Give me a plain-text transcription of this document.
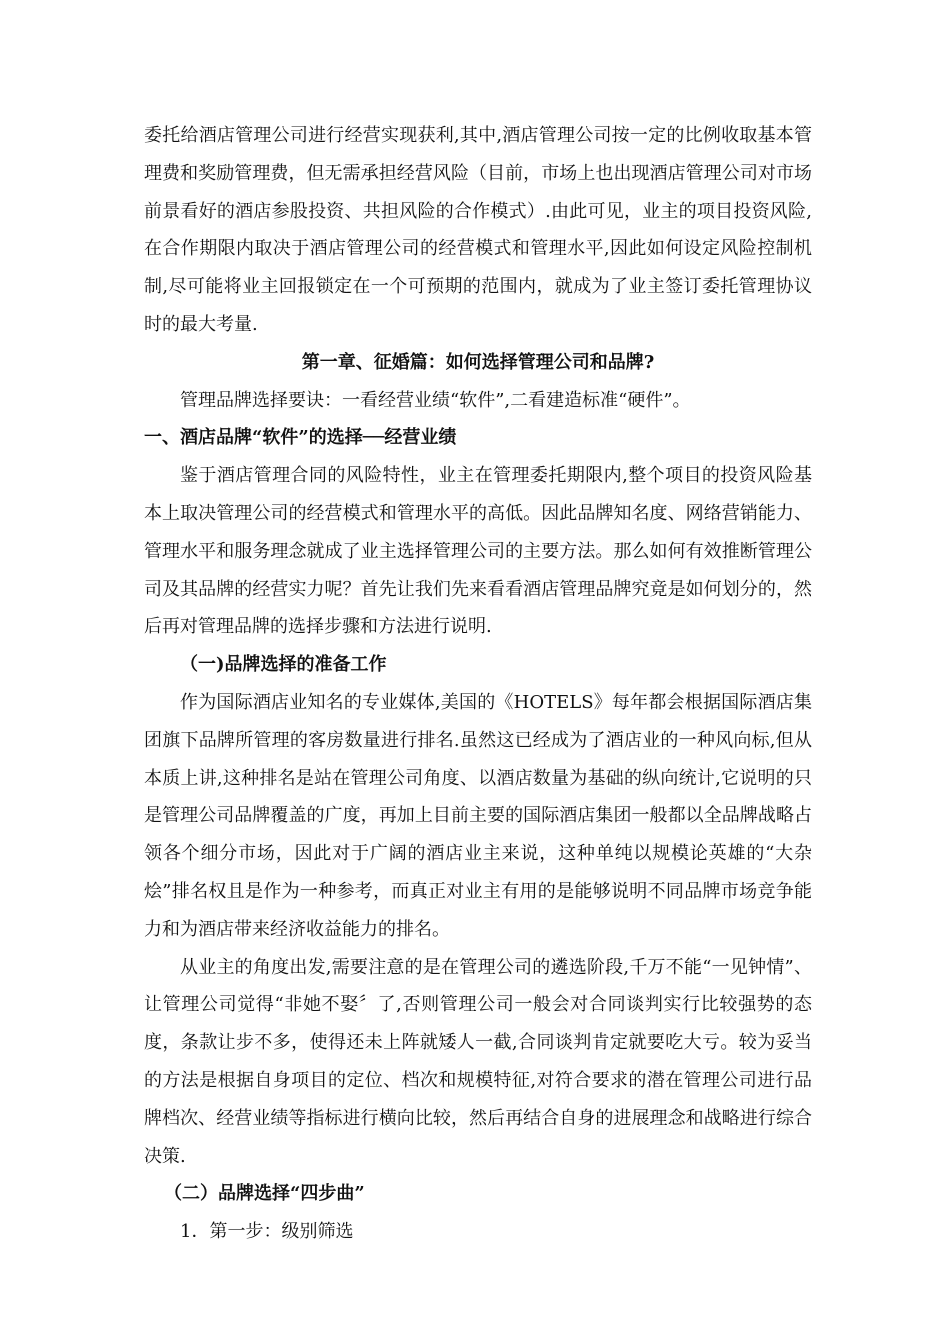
委托给酒店管理公司进行经营实现获利,其中,酒店管理公司按一定的比例收取基本管理费和奖励管理费，但无需承担经营风险（目前，市场上也出现酒店管理公司对市场前景看好的酒店参股投资、共担风险的合作模式）.由此可见，业主的项目投资风险,在合作期限内取决于酒店管理公司的经营模式和管理水平,因此如何设定风险控制机制,尽可能将业主回报锁定在一个可预期的范围内，就成为了业主签订委托管理协议时的最大考量.

第一章、征婚篇：如何选择管理公司和品牌?

管理品牌选择要诀：一看经营业绩“软件”,二看建造标准“硬件”。

一、酒店品牌“软件”的选择──经营业绩

鉴于酒店管理合同的风险特性，业主在管理委托期限内,整个项目的投资风险基本上取决管理公司的经营模式和管理水平的高低。因此品牌知名度、网络营销能力、管理水平和服务理念就成了业主选择管理公司的主要方法。那么如何有效推断管理公司及其品牌的经营实力呢？首先让我们先来看看酒店管理品牌究竟是如何划分的，然后再对管理品牌的选择步骤和方法进行说明.

（一)品牌选择的准备工作

作为国际酒店业知名的专业媒体,美国的《HOTELS》每年都会根据国际酒店集团旗下品牌所管理的客房数量进行排名.虽然这已经成为了酒店业的一种风向标,但从本质上讲,这种排名是站在管理公司角度、以酒店数量为基础的纵向统计,它说明的只是管理公司品牌覆盖的广度，再加上目前主要的国际酒店集团一般都以全品牌战略占领各个细分市场，因此对于广阔的酒店业主来说，这种单纯以规模论英雄的“大杂烩”排名权且是作为一种参考，而真正对业主有用的是能够说明不同品牌市场竞争能力和为酒店带来经济收益能力的排名。

从业主的角度出发,需要注意的是在管理公司的遴选阶段,千万不能“一见钟情”、让管理公司觉得“非她不娶〞了,否则管理公司一般会对合同谈判实行比较强势的态度，条款让步不多，使得还未上阵就矮人一截,合同谈判肯定就要吃大亏。较为妥当的方法是根据自身项目的定位、档次和规模特征,对符合要求的潜在管理公司进行品牌档次、经营业绩等指标进行横向比较，然后再结合自身的进展理念和战略进行综合决策.

（二）品牌选择“四步曲”

1．第一步：级别筛选
